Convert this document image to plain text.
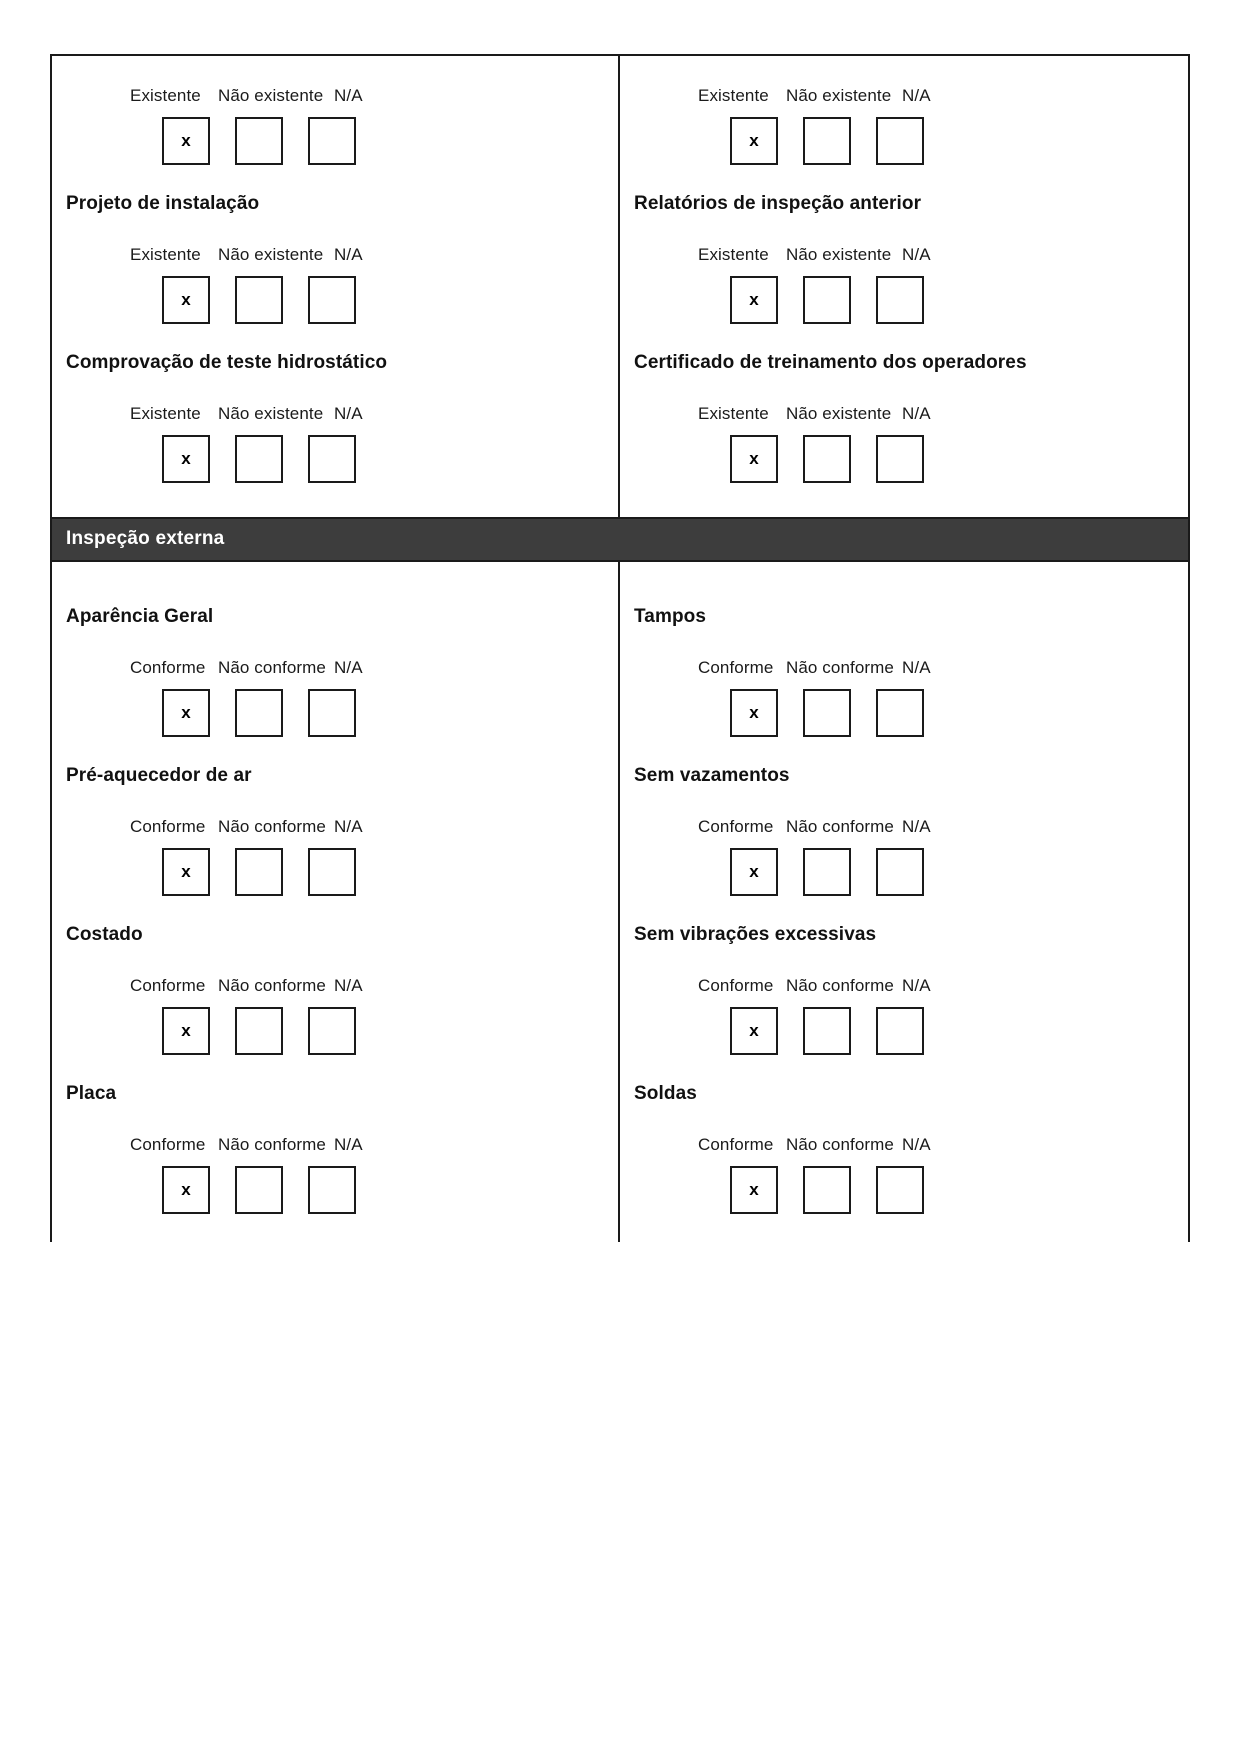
Existente Não existente N/A
x
Projeto de instalação
Existente Não existente N/A
x
Comprovação de teste hidrostático
Existente Não existente N/A
x
Existente Não existente N/A
x
Relatórios de inspeção anterior
Existente Não existente N/A
x
Certificado de treinamento dos operadores
Existente Não existente N/A
x
Inspeção externa
Aparência Geral
Conforme Não conforme N/A
x
Pré-aquecedor de ar
Conforme Não conforme N/A
x
Costado
Conforme Não conforme N/A
x
Placa
Conforme Não conforme N/A
x
Tampos
Conforme Não conforme N/A
x
Sem vazamentos
Conforme Não conforme N/A
x
Sem vibrações excessivas
Conforme Não conforme N/A
x
Soldas
Conforme Não conforme N/A
x
